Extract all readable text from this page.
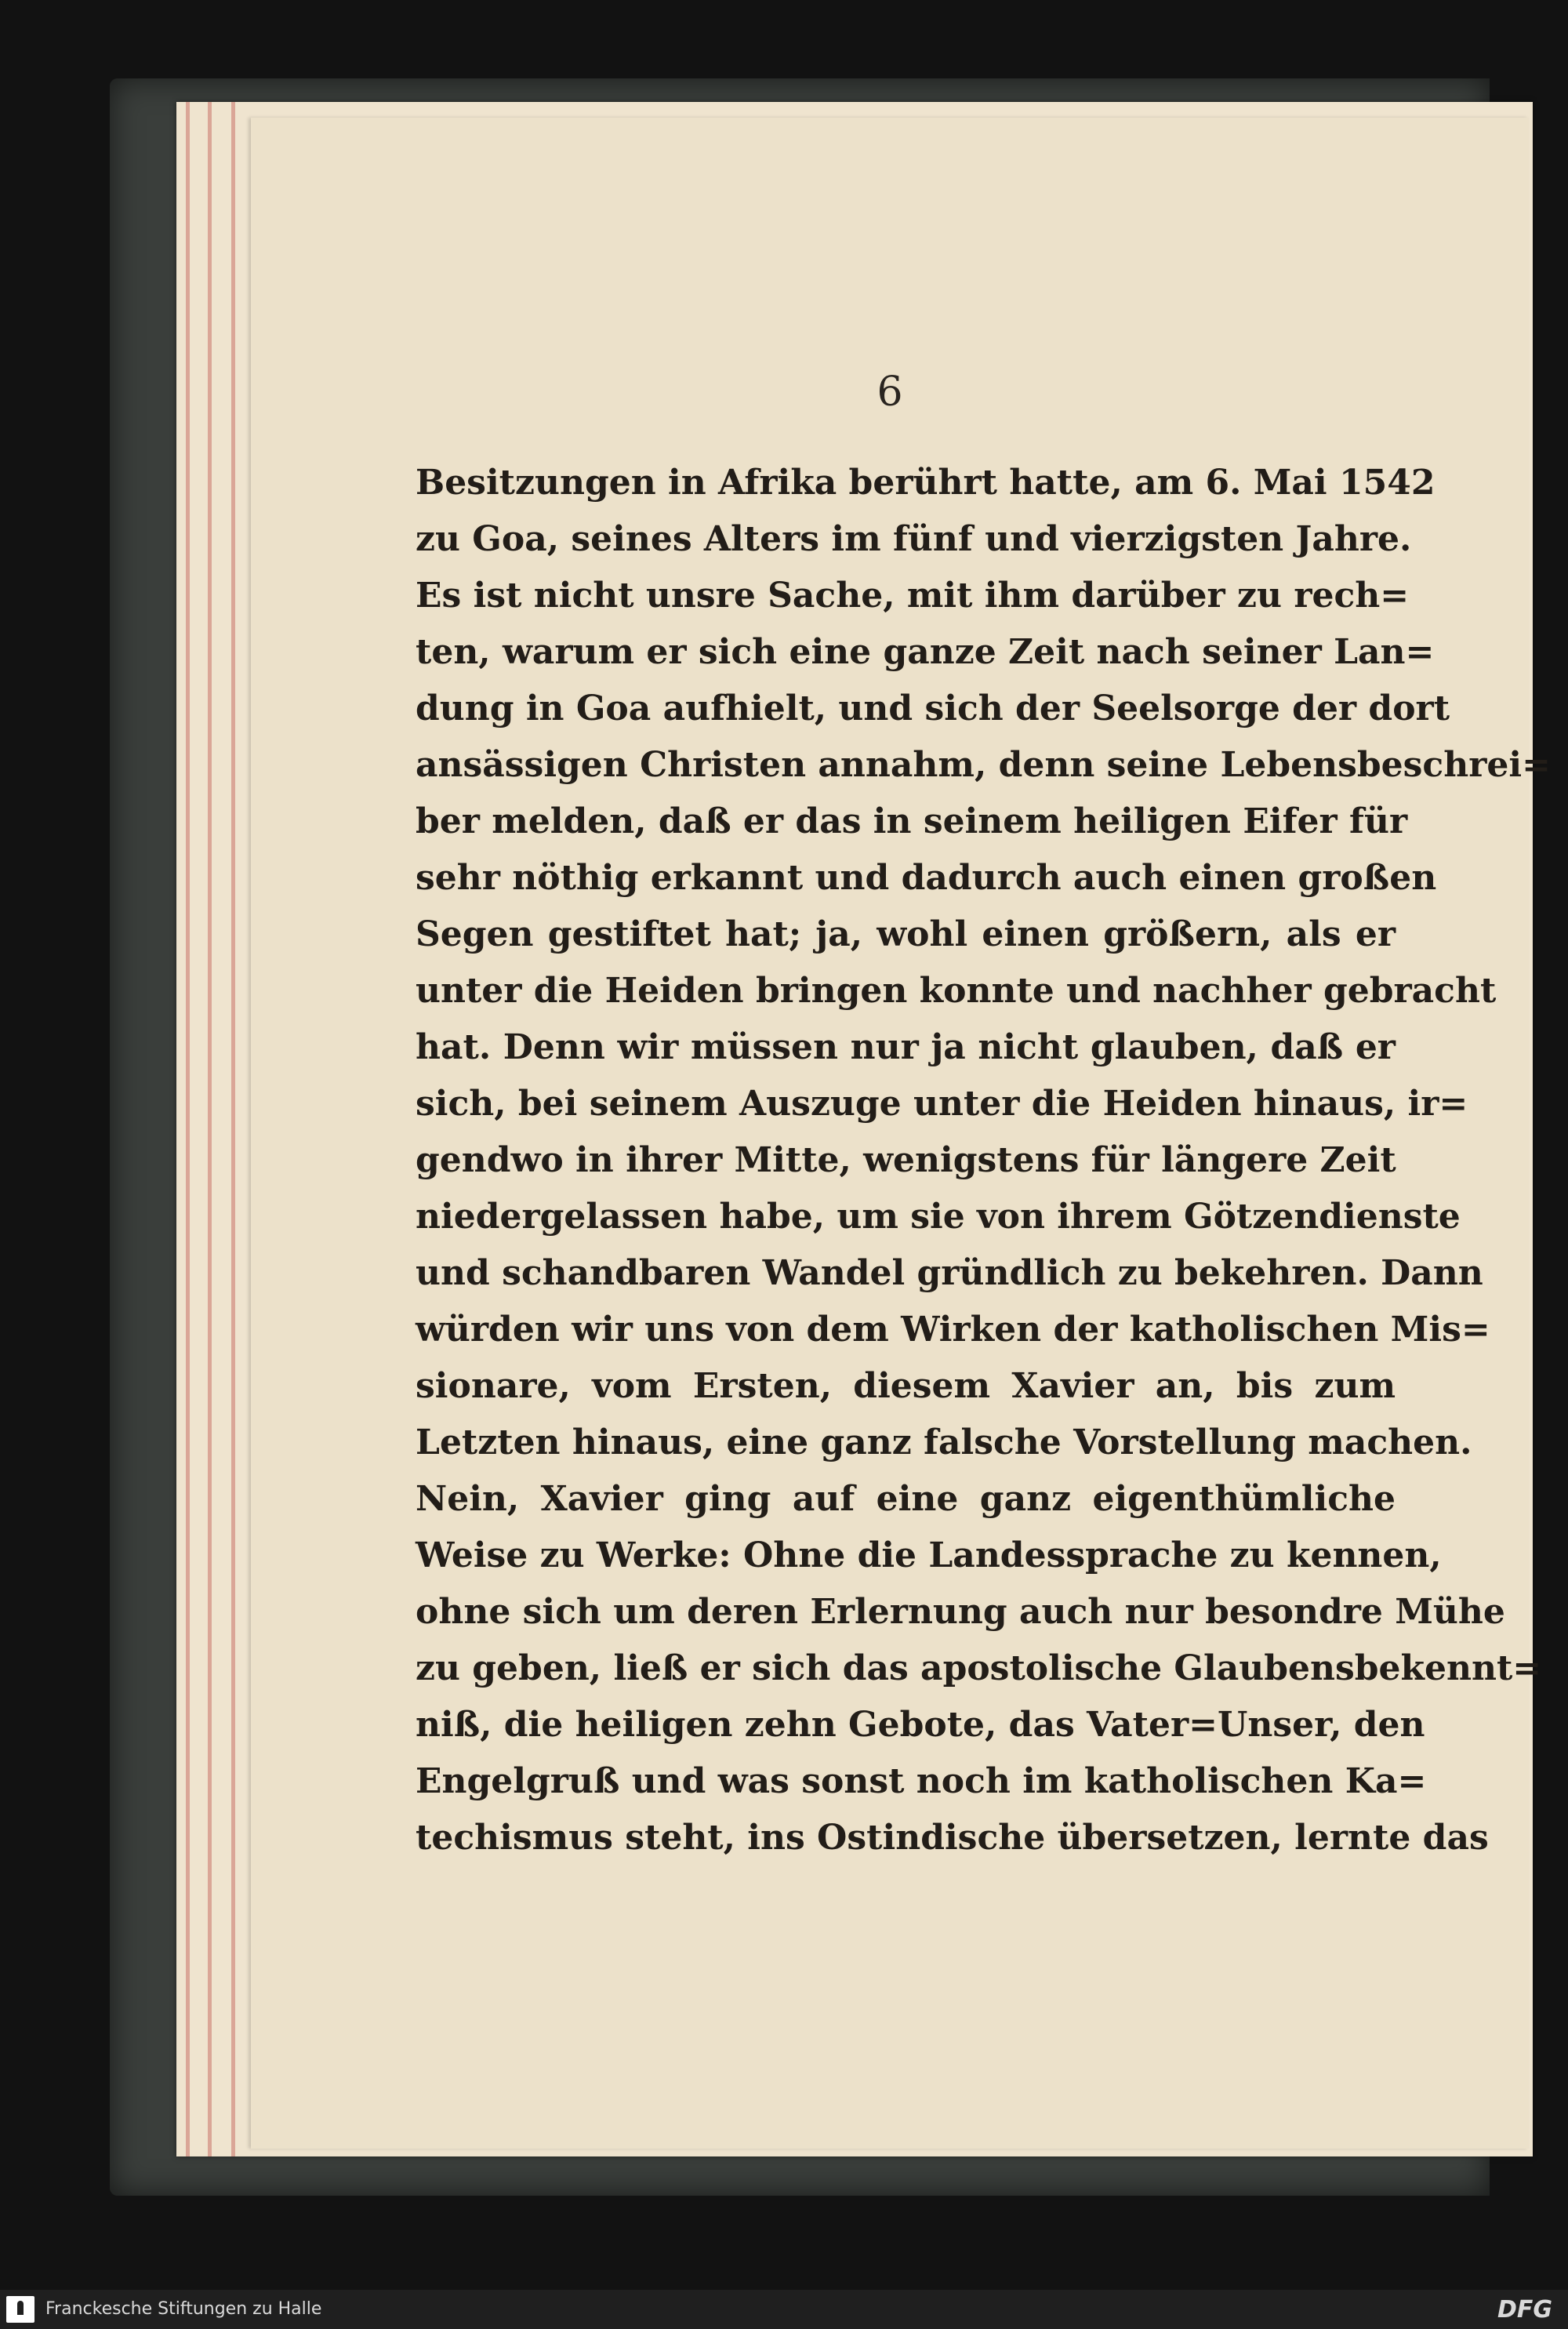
6
Besitzungen in Afrika berührt hatte, am 6. Mai 1542
zu Goa, seines Alters im fünf und vierzigsten Jahre.
Es ist nicht unsre Sache, mit ihm darüber zu rech=
ten, warum er sich eine ganze Zeit nach seiner Lan=
dung in Goa aufhielt, und sich der Seelsorge der dort
ansässigen Christen annahm, denn seine Lebensbeschrei=
ber melden, daß er das in seinem heiligen Eifer für
sehr nöthig erkannt und dadurch auch einen großen
Segen gestiftet hat; ja, wohl einen größern, als er
unter die Heiden bringen konnte und nachher gebracht
hat. Denn wir müssen nur ja nicht glauben, daß er
sich, bei seinem Auszuge unter die Heiden hinaus, ir=
gendwo in ihrer Mitte, wenigstens für längere Zeit
niedergelassen habe, um sie von ihrem Götzendienste
und schandbaren Wandel gründlich zu bekehren. Dann
würden wir uns von dem Wirken der katholischen Mis=
sionare, vom Ersten, diesem Xavier an, bis zum
Letzten hinaus, eine ganz falsche Vorstellung machen.
Nein, Xavier ging auf eine ganz eigenthümliche
Weise zu Werke: Ohne die Landessprache zu kennen,
ohne sich um deren Erlernung auch nur besondre Mühe
zu geben, ließ er sich das apostolische Glaubensbekennt=
niß, die heiligen zehn Gebote, das Vater=Unser, den
Engelgruß und was sonst noch im katholischen Ka=
techismus steht, ins Ostindische übersetzen, lernte das
Franckesche Stiftungen zu Halle	DFG
